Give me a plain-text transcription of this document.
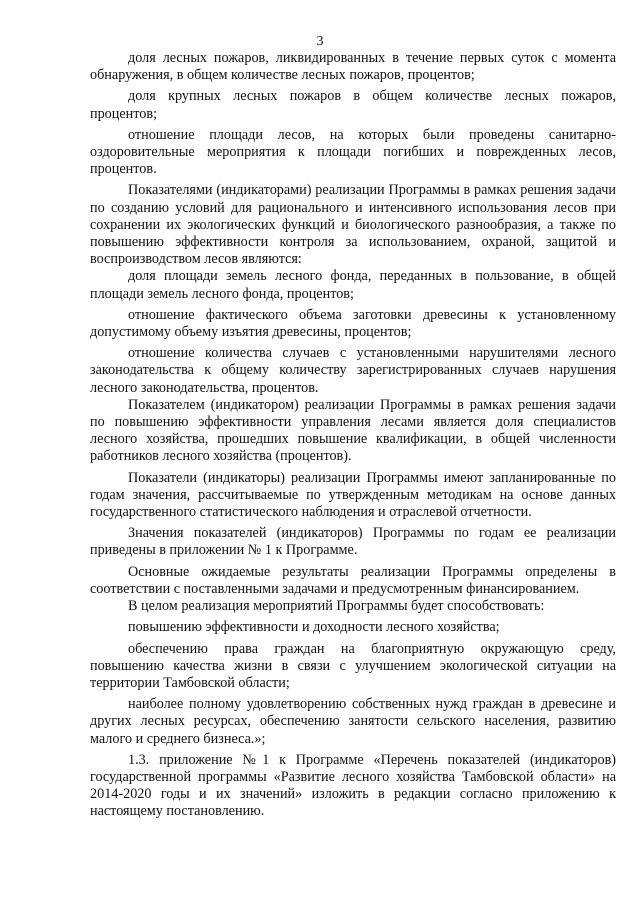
3

доля лесных пожаров, ликвидированных в течение первых суток с момента обнаружения, в общем количестве лесных пожаров, процентов;

доля крупных лесных пожаров в общем количестве лесных пожаров, процентов;

отношение площади лесов, на которых были проведены санитарно-оздоровительные мероприятия к площади погибших и поврежденных лесов, процентов.

Показателями (индикаторами) реализации Программы в рамках решения задачи по созданию условий для рационального и интенсивного использования лесов при сохранении их экологических функций и биологического разнообразия, а также по повышению эффективности контроля за использованием, охраной, защитой и воспроизводством лесов являются:

доля площади земель лесного фонда, переданных в пользование, в общей площади земель лесного фонда, процентов;

отношение фактического объема заготовки древесины к установленному допустимому объему изъятия древесины, процентов;

отношение количества случаев с установленными нарушителями лесного законодательства к общему количеству зарегистрированных случаев нарушения лесного законодательства, процентов.

Показателем (индикатором) реализации Программы в рамках решения задачи по повышению эффективности управления лесами является доля специалистов лесного хозяйства, прошедших повышение квалификации, в общей численности работников лесного хозяйства (процентов).

Показатели (индикаторы) реализации Программы имеют запланированные по годам значения, рассчитываемые по утвержденным методикам на основе данных государственного статистического наблюдения и отраслевой отчетности.

Значения показателей (индикаторов) Программы по годам ее реализации приведены в приложении № 1 к Программе.

Основные ожидаемые результаты реализации Программы определены в соответствии с поставленными задачами и предусмотренным финансированием.

В целом реализация мероприятий Программы будет способствовать:

повышению эффективности и доходности лесного хозяйства;

обеспечению права граждан на благоприятную окружающую среду, повышению качества жизни в связи с улучшением экологической ситуации на территории Тамбовской области;

наиболее полному удовлетворению собственных нужд граждан в древесине и других лесных ресурсах, обеспечению занятости сельского населения, развитию малого и среднего бизнеса.»;

1.3. приложение №1 к Программе «Перечень показателей (индикаторов) государственной программы «Развитие лесного хозяйства Тамбовской области» на 2014-2020 годы и их значений» изложить в редакции согласно приложению к настоящему постановлению.
